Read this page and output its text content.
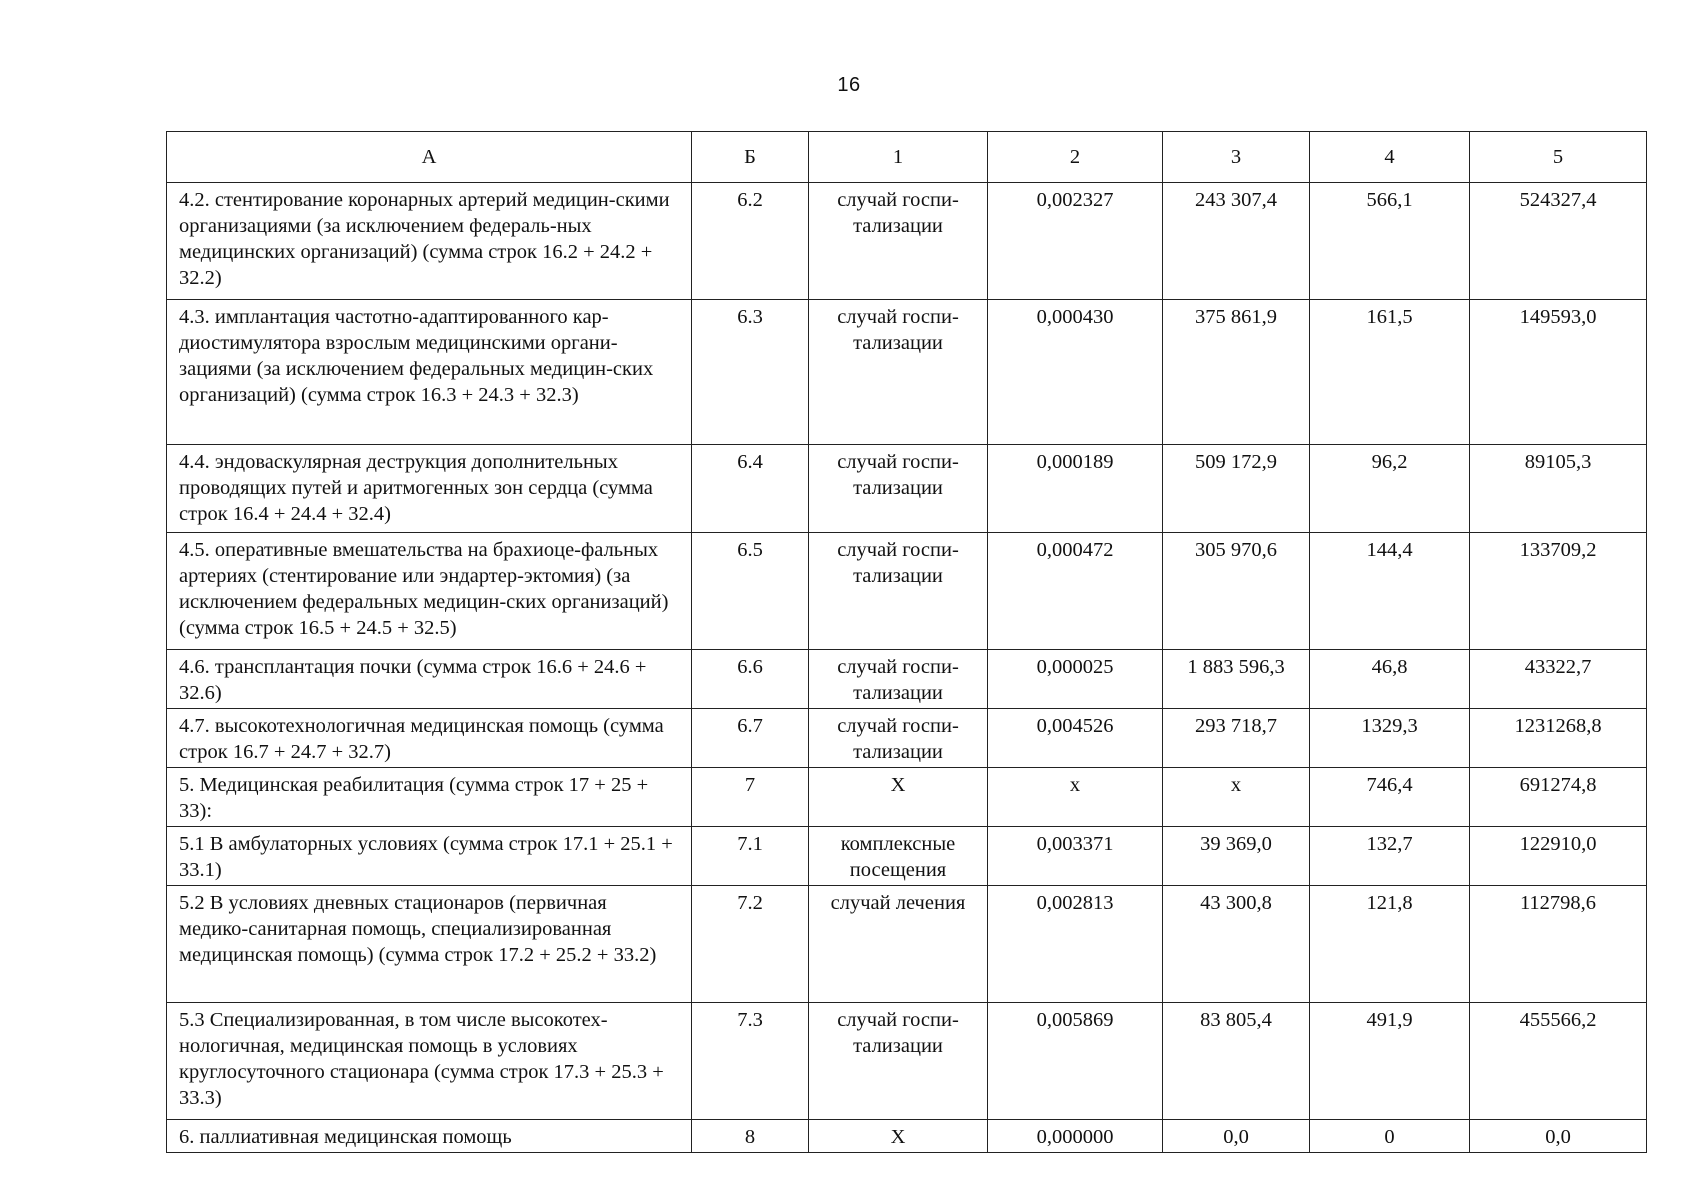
16
А	Б	1	2	3	4	5
4.2. стентирование коронарных артерий медицин-скими организациями (за исключением федераль-ных медицинских организаций) (сумма строк 16.2 + 24.2 + 32.2)	6.2	случай госпи-тализации	0,002327	243 307,4	566,1	524327,4
4.3. имплантация частотно-адаптированного кар-диостимулятора взрослым медицинскими органи-зациями (за исключением федеральных медицин-ских организаций) (сумма строк 16.3 + 24.3 + 32.3)	6.3	случай госпи-тализации	0,000430	375 861,9	161,5	149593,0
4.4. эндоваскулярная деструкция дополнительных проводящих путей и аритмогенных зон сердца (сумма строк 16.4 + 24.4 + 32.4)	6.4	случай госпи-тализации	0,000189	509 172,9	96,2	89105,3
4.5. оперативные вмешательства на брахиоце-фальных артериях (стентирование или эндартер-эктомия) (за исключением федеральных медицин-ских организаций) (сумма строк 16.5 + 24.5 + 32.5)	6.5	случай госпи-тализации	0,000472	305 970,6	144,4	133709,2
4.6. трансплантация почки (сумма строк 16.6 + 24.6 + 32.6)	6.6	случай госпи-тализации	0,000025	1 883 596,3	46,8	43322,7
4.7. высокотехнологичная медицинская помощь (сумма строк 16.7 + 24.7 + 32.7)	6.7	случай госпи-тализации	0,004526	293 718,7	1329,3	1231268,8
5. Медицинская реабилитация (сумма строк 17 + 25 + 33):	7	Х	х	х	746,4	691274,8
5.1 В амбулаторных условиях (сумма строк 17.1 + 25.1 + 33.1)	7.1	комплексные посещения	0,003371	39 369,0	132,7	122910,0
5.2 В условиях дневных стационаров (первичная медико-санитарная помощь, специализированная медицинская помощь) (сумма строк 17.2 + 25.2 + 33.2)	7.2	случай лечения	0,002813	43 300,8	121,8	112798,6
5.3 Специализированная, в том числе высокотех-нологичная, медицинская помощь в условиях круглосуточного стационара (сумма строк 17.3 + 25.3 + 33.3)	7.3	случай госпи-тализации	0,005869	83 805,4	491,9	455566,2
6. паллиативная медицинская помощь	8	Х	0,000000	0,0	0	0,0
